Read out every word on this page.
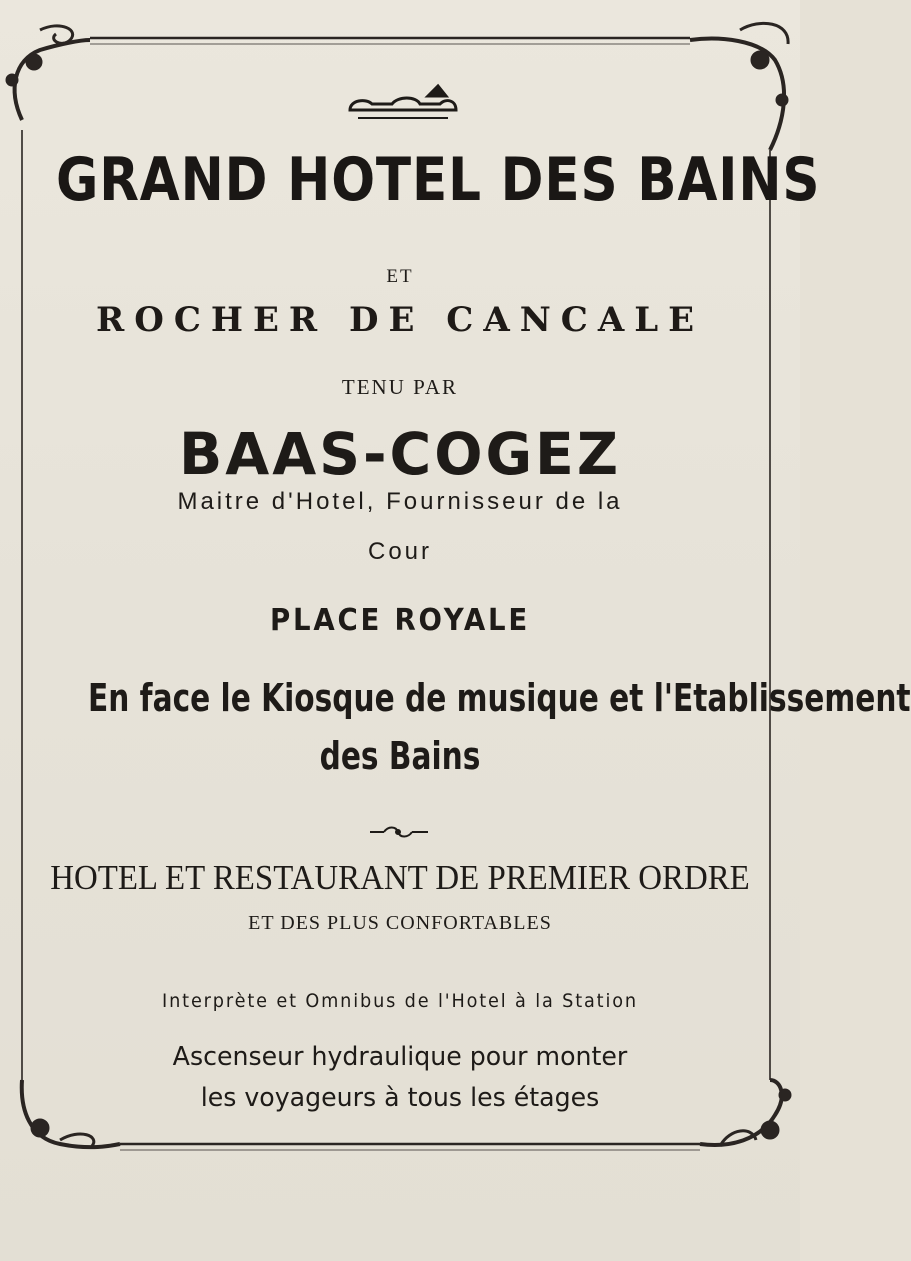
GRAND HOTEL DES BAINS
ET
ROCHER DE CANCALE
TENU PAR
BAAS-COGEZ
Maitre d'Hotel, Fournisseur de la
Cour
PLACE ROYALE
En face le Kiosque de musique et l'Etablissement
des Bains
HOTEL ET RESTAURANT DE PREMIER ORDRE
ET DES PLUS CONFORTABLES
Interprète et Omnibus de l'Hotel à la Station
Ascenseur hydraulique pour monter
les voyageurs à tous les étages
